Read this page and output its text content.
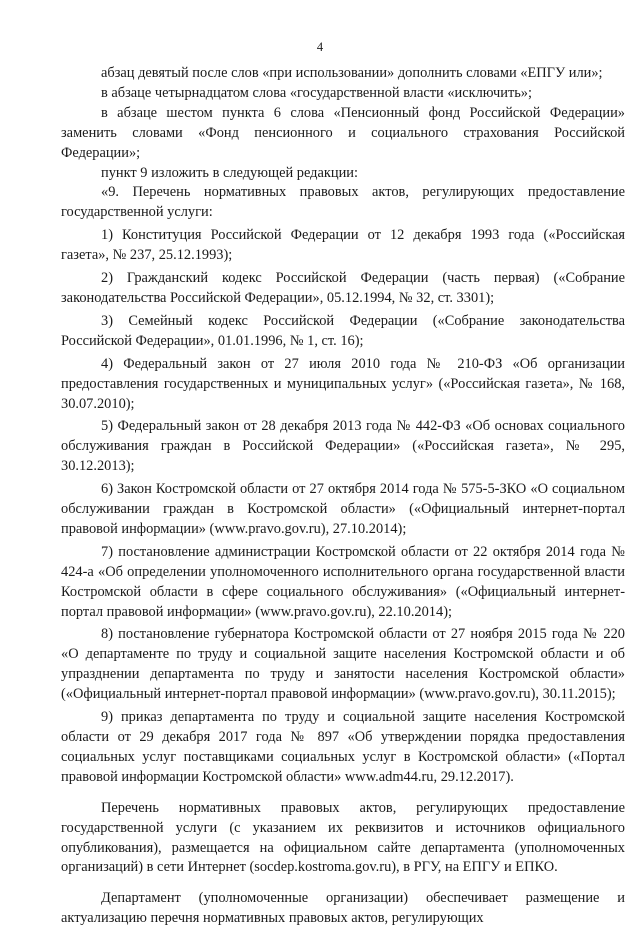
4

абзац девятый после слов «при использовании» дополнить словами «ЕПГУ или»;

в абзаце четырнадцатом слова «государственной власти «исключить»;

в абзаце шестом пункта 6 слова «Пенсионный фонд Российской Федерации» заменить словами «Фонд пенсионного и социального страхования Российской Федерации»;

пункт 9 изложить в следующей редакции:

«9. Перечень нормативных правовых актов, регулирующих предоставление государственной услуги:

1) Конституция Российской Федерации от 12 декабря 1993 года («Российская газета», № 237, 25.12.1993);

2) Гражданский кодекс Российской Федерации (часть первая) («Собрание законодательства Российской Федерации», 05.12.1994, № 32, ст. 3301);

3) Семейный кодекс Российской Федерации («Собрание законодательства Российской Федерации», 01.01.1996, № 1, ст. 16);

4) Федеральный закон от 27 июля 2010 года № 210-ФЗ «Об организации предоставления государственных и муниципальных услуг» («Российская газета», № 168, 30.07.2010);

5) Федеральный закон от 28 декабря 2013 года № 442-ФЗ «Об основах социального обслуживания граждан в Российской Федерации» («Российская газета», № 295, 30.12.2013);

6) Закон Костромской области от 27 октября 2014 года № 575-5-ЗКО «О социальном обслуживании граждан в Костромской области» («Официальный интернет-портал правовой информации» (www.pravo.gov.ru), 27.10.2014);

7) постановление администрации Костромской области от 22 октября 2014 года № 424-а «Об определении уполномоченного исполнительного органа государственной власти Костромской области в сфере социального обслуживания» («Официальный интернет-портал правовой информации» (www.pravo.gov.ru), 22.10.2014);

8) постановление губернатора Костромской области от 27 ноября 2015 года № 220 «О департаменте по труду и социальной защите населения Костромской области и об упразднении департамента по труду и занятости населения Костромской области» («Официальный интернет-портал правовой информации» (www.pravo.gov.ru), 30.11.2015);

9) приказ департамента по труду и социальной защите населения Костромской области от 29 декабря 2017 года № 897 «Об утверждении порядка предоставления социальных услуг поставщиками социальных услуг в Костромской области» («Портал правовой информации Костромской области» www.adm44.ru, 29.12.2017).

Перечень нормативных правовых актов, регулирующих предоставление государственной услуги (с указанием их реквизитов и источников официального опубликования), размещается на официальном сайте департамента (уполномоченных организаций) в сети Интернет (socdep.kostroma.gov.ru), в РГУ, на ЕПГУ и ЕПКО.

Департамент (уполномоченные организации) обеспечивает размещение и актуализацию перечня нормативных правовых актов, регулирующих
